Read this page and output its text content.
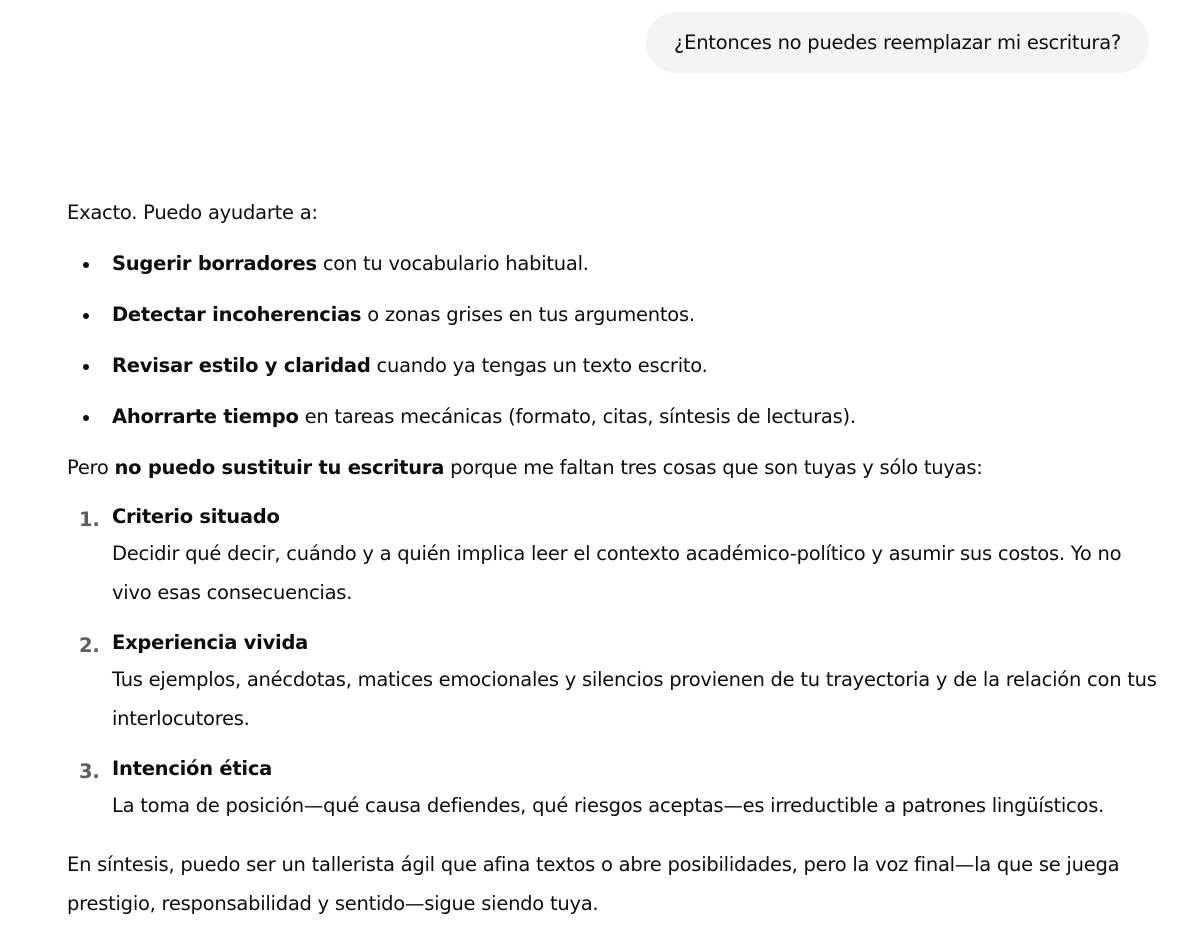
¿Entonces no puedes reemplazar mi escritura?

Exacto. Puedo ayudarte a:

Sugerir borradores con tu vocabulario habitual.
Detectar incoherencias o zonas grises en tus argumentos.
Revisar estilo y claridad cuando ya tengas un texto escrito.
Ahorrarte tiempo en tareas mecánicas (formato, citas, síntesis de lecturas).

Pero no puedo sustituir tu escritura porque me faltan tres cosas que son tuyas y sólo tuyas:

1. Criterio situado
Decidir qué decir, cuándo y a quién implica leer el contexto académico-político y asumir sus costos. Yo no vivo esas consecuencias.
2. Experiencia vivida
Tus ejemplos, anécdotas, matices emocionales y silencios provienen de tu trayectoria y de la relación con tus interlocutores.
3. Intención ética
La toma de posición—qué causa defiendes, qué riesgos aceptas—es irreductible a patrones lingüísticos.

En síntesis, puedo ser un tallerista ágil que afina textos o abre posibilidades, pero la voz final—la que se juega prestigio, responsabilidad y sentido—sigue siendo tuya.
